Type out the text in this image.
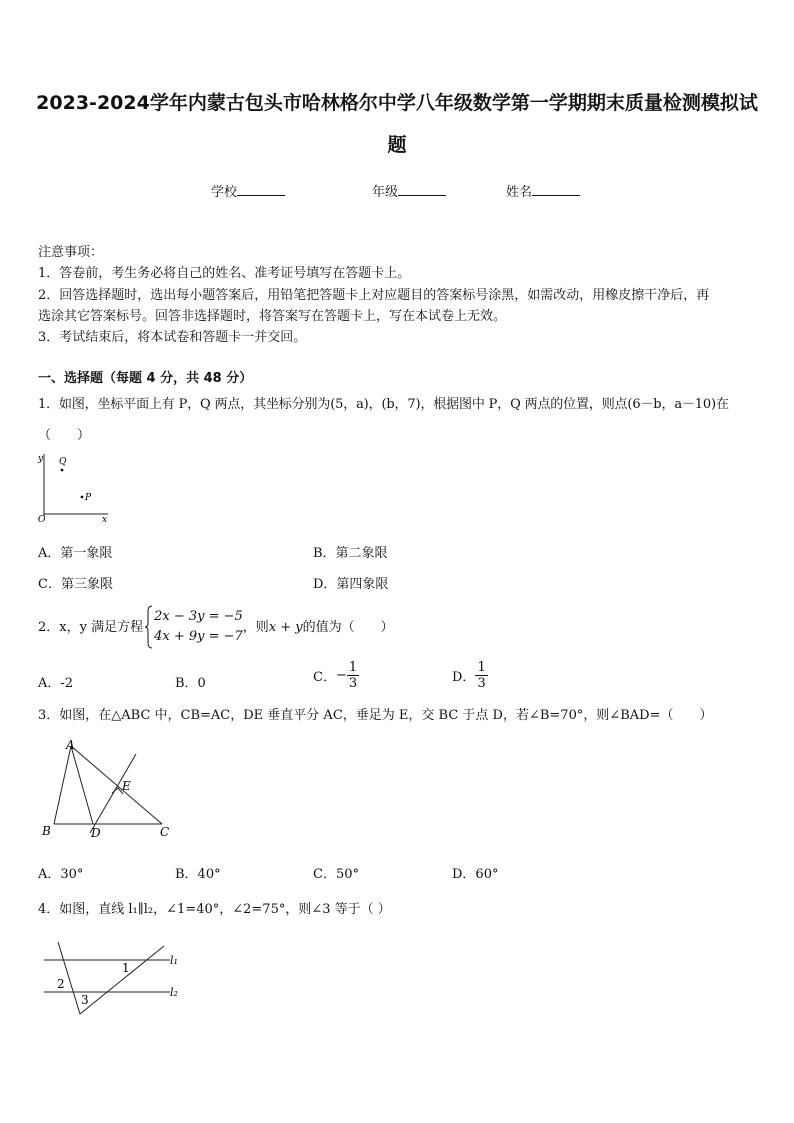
2023-2024学年内蒙古包头市哈林格尔中学八年级数学第一学期期末质量检测模拟试
题
学校	年级	姓名
注意事项：
1．答卷前，考生务必将自己的姓名、准考证号填写在答题卡上。
2．回答选择题时，选出每小题答案后，用铅笔把答题卡上对应题目的答案标号涂黑，如需改动，用橡皮擦干净后，再
选涂其它答案标号。回答非选择题时，将答案写在答题卡上，写在本试卷上无效。
3．考试结束后，将本试卷和答题卡一并交回。
一、选择题（每题 4 分，共 48 分）
1．如图，坐标平面上有 P，Q 两点，其坐标分别为(5，a)，(b，7)，根据图中 P，Q 两点的位置，则点(6－b，a－10)在
（　　）
y Q
P
O	x
A．第一象限	B．第二象限
C．第三象限	D．第四象限
2．x，y 满足方程
2x − 3y = −5
4x + 9y = −7
，则 x + y 的值为（　　）
A．-2	B．0	C． − $\frac{1}{3}$	D． $\frac{1}{3}$
3．如图，在△ABC 中，CB=AC，DE 垂直平分 AC，垂足为 E，交 BC 于点 D，若∠B=70°，则∠BAD=（　　）
A
B	C
D
E
A．30°	B．40°	C．50°	D．60°
4．如图，直线 l₁∥l₂，∠1=40°，∠2=75°，则∠3 等于（ ）
1
2
3
l₁
l₂
